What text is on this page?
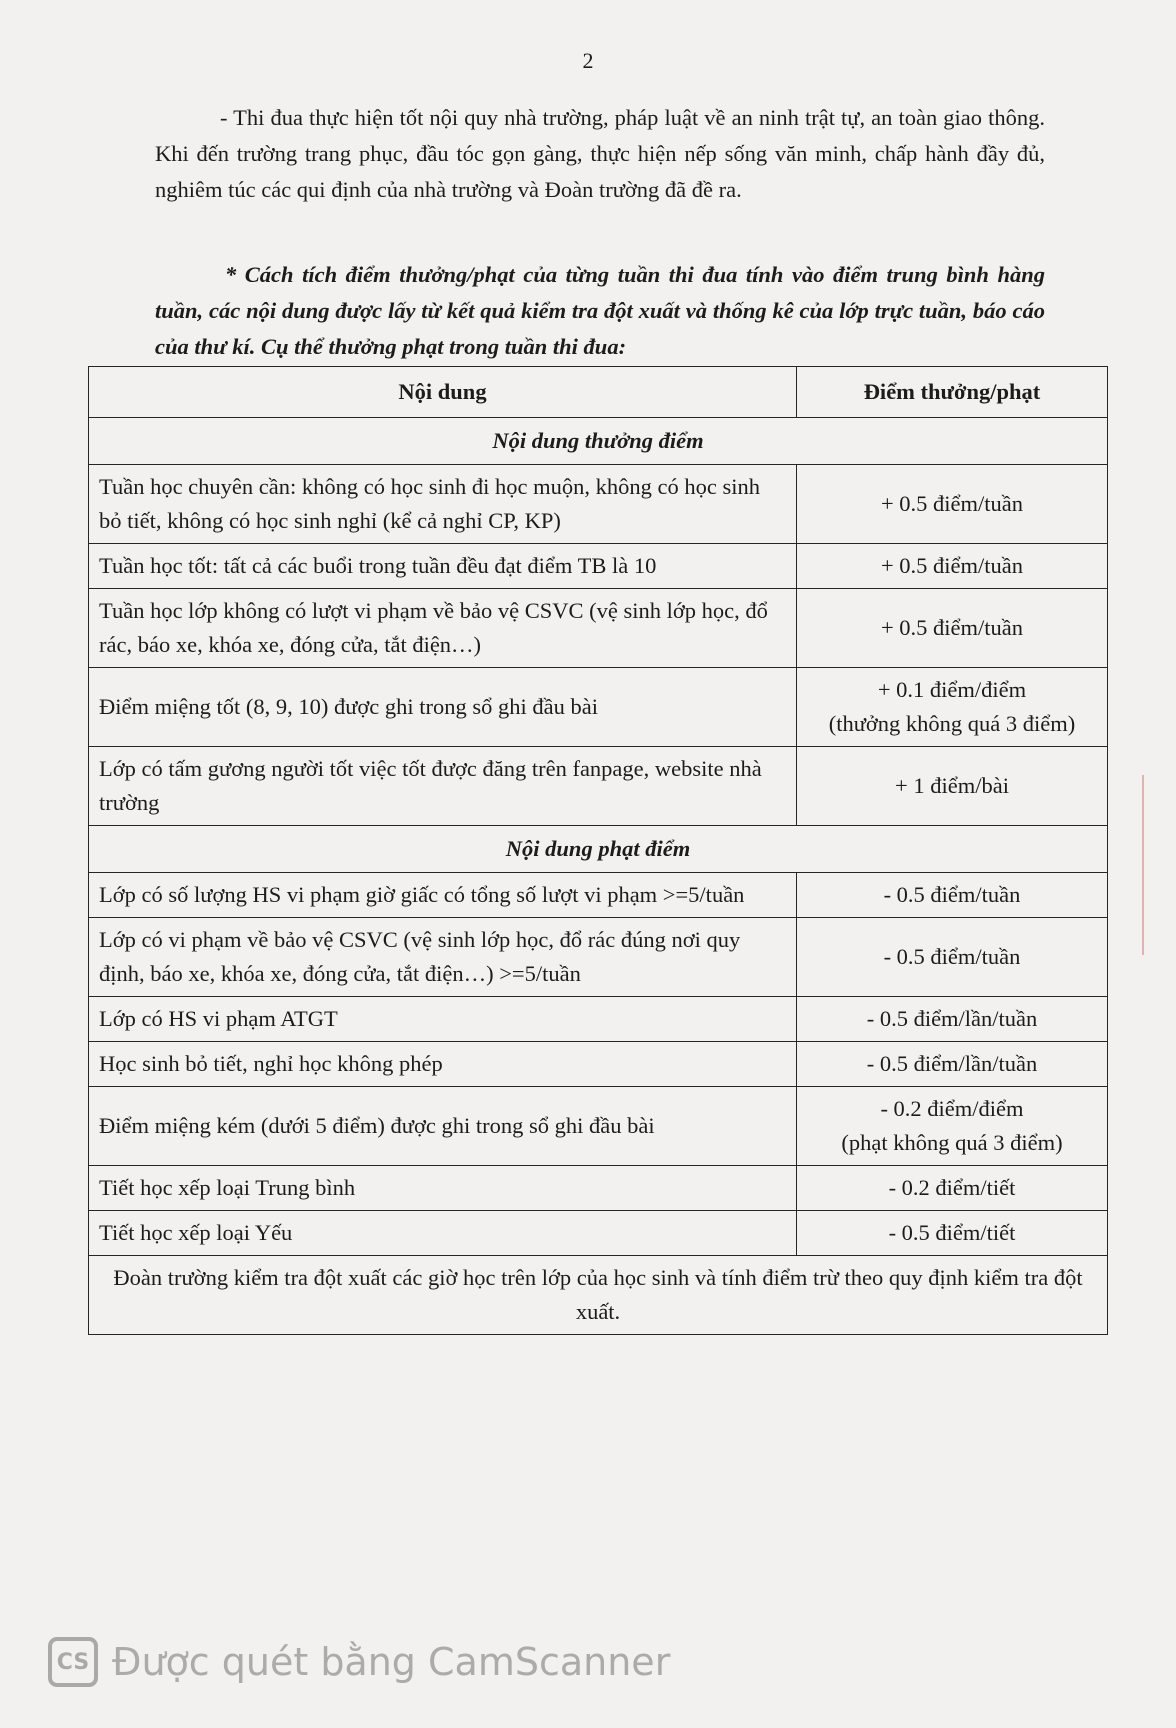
2
- Thi đua thực hiện tốt nội quy nhà trường, pháp luật về an ninh trật tự, an toàn giao thông. Khi đến trường trang phục, đầu tóc gọn gàng, thực hiện nếp sống văn minh, chấp hành đầy đủ, nghiêm túc các qui định của nhà trường và Đoàn trường đã đề ra.
* Cách tích điểm thưởng/phạt của từng tuần thi đua tính vào điểm trung bình hàng tuần, các nội dung được lấy từ kết quả kiểm tra đột xuất và thống kê của lớp trực tuần, báo cáo của thư kí. Cụ thể thưởng phạt trong tuần thi đua:
Nội dung	Điểm thưởng/phạt
Nội dung thưởng điểm	
Tuần học chuyên cần: không có học sinh đi học muộn, không có học sinh bỏ tiết, không có học sinh nghỉ (kể cả nghỉ CP, KP)	+ 0.5 điểm/tuần
Tuần học tốt: tất cả các buổi trong tuần đều đạt điểm TB là 10	+ 0.5 điểm/tuần
Tuần học lớp không có lượt vi phạm về bảo vệ CSVC (vệ sinh lớp học, đổ rác, báo xe, khóa xe, đóng cửa, tắt điện…)	+ 0.5 điểm/tuần
Điểm miệng tốt (8, 9, 10) được ghi trong sổ ghi đầu bài	+ 0.1 điểm/điểm
(thưởng không quá 3 điểm)

Lớp có tấm gương người tốt việc tốt được đăng trên fanpage, website nhà trường	+ 1 điểm/bài
Nội dung phạt điểm	
Lớp có số lượng HS vi phạm giờ giấc có tổng số lượt vi phạm >=5/tuần	- 0.5 điểm/tuần
Lớp có vi phạm về bảo vệ CSVC (vệ sinh lớp học, đổ rác đúng nơi quy định, báo xe, khóa xe, đóng cửa, tắt điện…) >=5/tuần	- 0.5 điểm/tuần
Lớp có HS vi phạm ATGT	- 0.5 điểm/lần/tuần
Học sinh bỏ tiết, nghỉ học không phép	- 0.5 điểm/lần/tuần
Điểm miệng kém (dưới 5 điểm) được ghi trong sổ ghi đầu bài	- 0.2 điểm/điểm
(phạt không quá 3 điểm)

Tiết học xếp loại Trung bình	- 0.2 điểm/tiết
Tiết học xếp loại Yếu	- 0.5 điểm/tiết
Đoàn trường kiểm tra đột xuất các giờ học trên lớp của học sinh và tính điểm trừ theo quy định kiểm tra đột xuất.	
CS Được quét bằng CamScanner
